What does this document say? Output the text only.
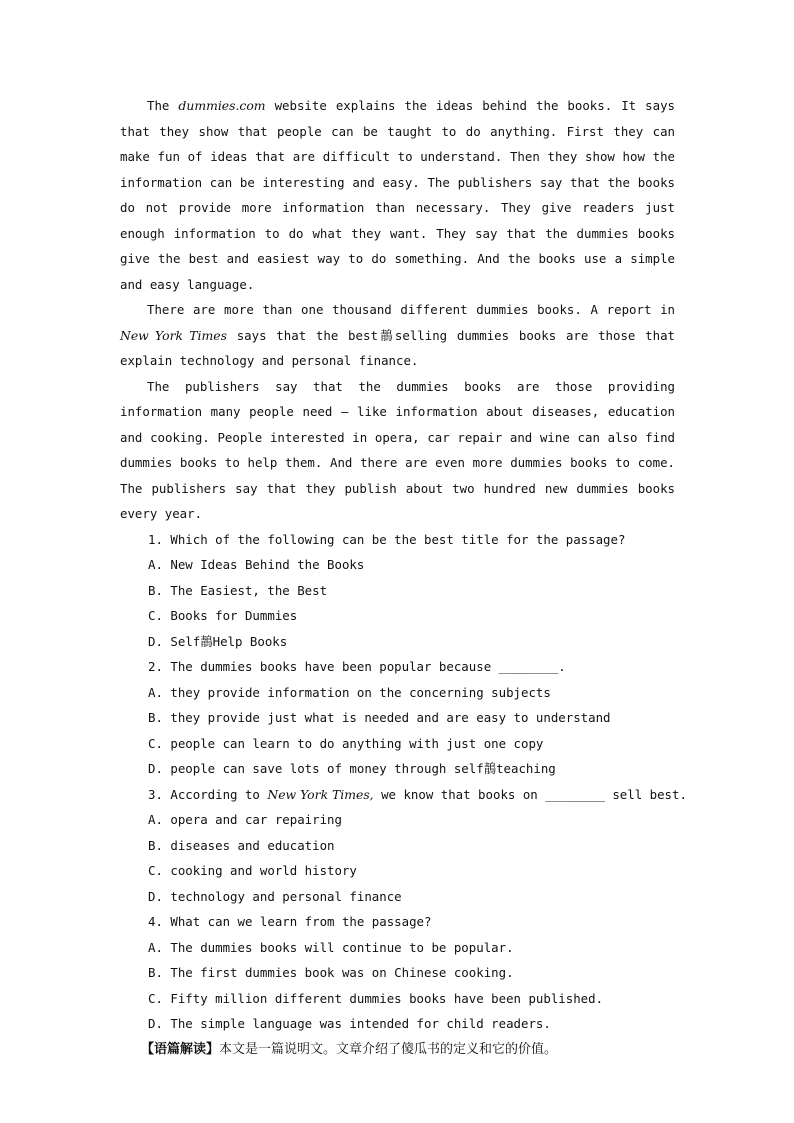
The dummies.com website explains the ideas behind the books. It says that they show that people can be taught to do anything. First they can make fun of ideas that are difficult to understand. Then they show how the information can be interesting and easy. The publishers say that the books do not provide more information than necessary. They give readers just enough information to do what they want. They say that the dummies books give the best and easiest way to do something. And the books use a simple and easy language.

There are more than one thousand different dummies books. A report in New York Times says that the best鶄selling dummies books are those that explain technology and personal finance.

The publishers say that the dummies books are those providing information many people need — like information about diseases, education and cooking. People interested in opera, car repair and wine can also find dummies books to help them. And there are even more dummies books to come. The publishers say that they publish about two hundred new dummies books every year.

1. Which of the following can be the best title for the passage?

A. New Ideas Behind the Books

B. The Easiest, the Best

C. Books for Dummies

D. Self鶄Help Books

2. The dummies books have been popular because ________.

A. they provide information on the concerning subjects

B. they provide just what is needed and are easy to understand

C. people can learn to do anything with just one copy

D. people can save lots of money through self鶄teaching

3. According to New York Times, we know that books on ________ sell best.

A. opera and car repairing

B. diseases and education

C. cooking and world history

D. technology and personal finance

4. What can we learn from the passage?

A. The dummies books will continue to be popular.

B. The first dummies book was on Chinese cooking.

C. Fifty million different dummies books have been published.

D. The simple language was intended for child readers.

【语篇解读】本文是一篇说明文。文章介绍了傻瓜书的定义和它的价值。
